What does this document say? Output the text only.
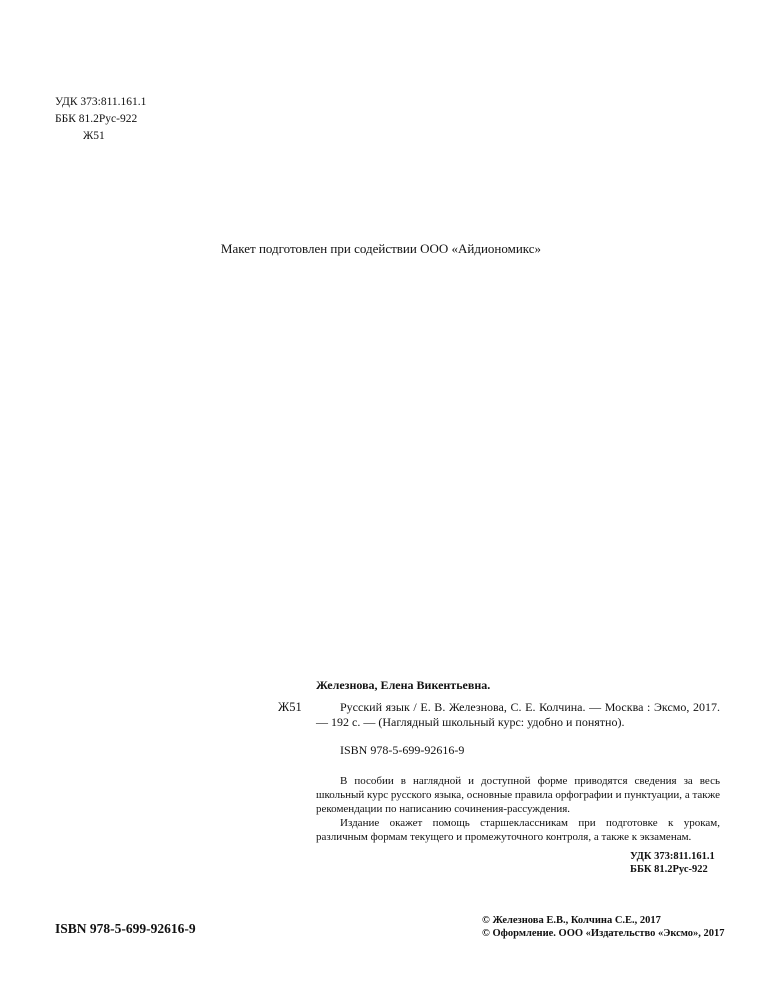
УДК 373:811.161.1
ББК 81.2Рус-922
Ж51
Макет подготовлен при содействии ООО «Айдиономикс»
Железнова, Елена Викентьевна.
Ж51	Русский язык / Е. В. Железнова, С. Е. Колчина. — Москва : Эксмо, 2017. — 192 с. — (Наглядный школьный курс: удобно и понятно).

ISBN 978-5-699-92616-9

В пособии в наглядной и доступной форме приводятся сведения за весь школьный курс русского языка, основные правила орфографии и пунктуации, а также рекомендации по написанию сочинения-рассуждения.

Издание окажет помощь старшеклассникам при подготовке к урокам, различным формам текущего и промежуточного контроля, а также к экзаменам.

УДК 373:811.161.1
ББК 81.2Рус-922
ISBN 978-5-699-92616-9
© Железнова Е.В., Колчина С.Е., 2017
© Оформление. ООО «Издательство «Эксмо», 2017
